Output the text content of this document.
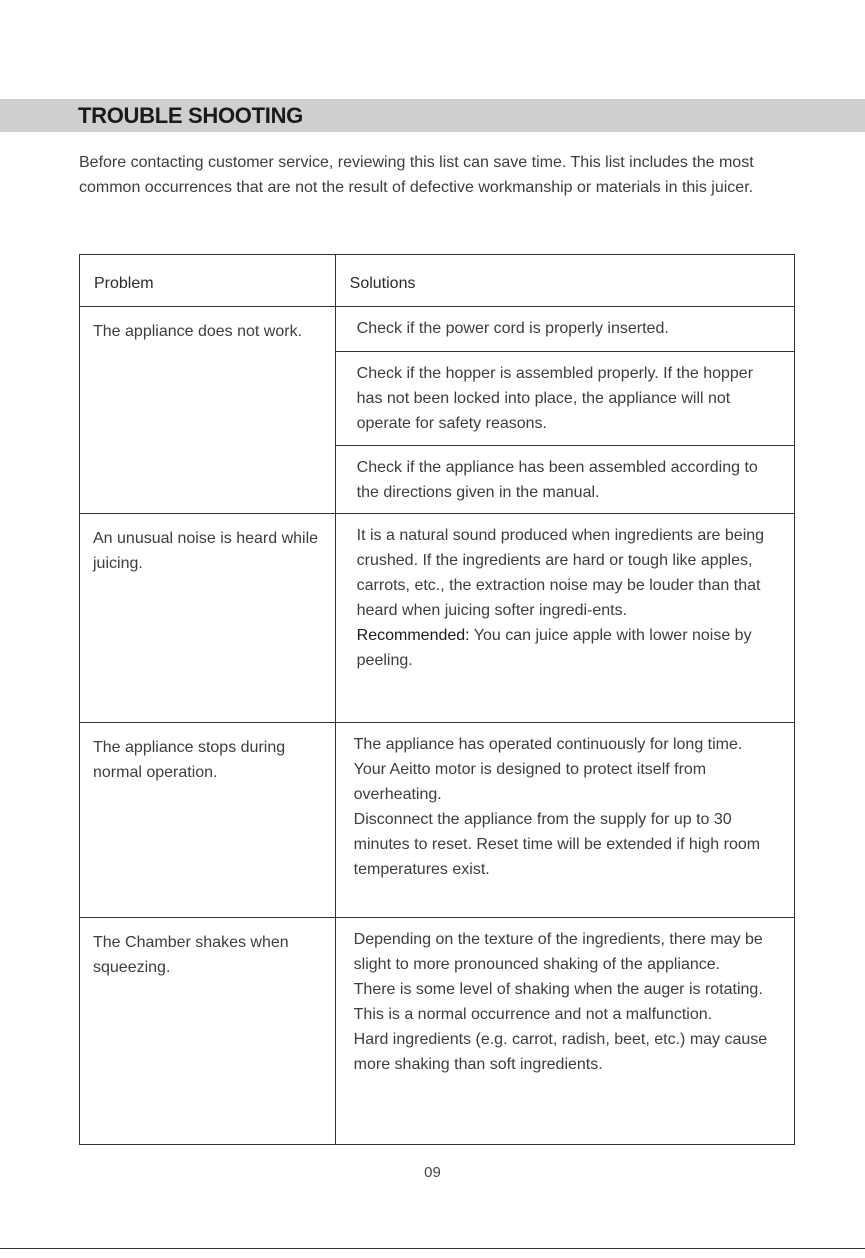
TROUBLE SHOOTING
Before contacting customer service, reviewing this list can save time. This list includes the most common occurrences that are not the result of defective workmanship or materials in this juicer.
Problem	Solutions
The appliance does not work.	Check if the power cord is properly inserted.
	Check if the hopper is assembled properly. If the hopper has not been locked into place, the appliance will not operate for safety reasons.
	Check if the appliance has been assembled according to the directions given in the manual.
An unusual noise is heard while juicing.	It is a natural sound produced when ingredients are being crushed. If the ingredients are hard or tough like apples, carrots, etc., the extraction noise may be louder than that heard when juicing softer ingredi-ents.
Recommended: You can juice apple with lower noise by peeling.
The appliance stops during normal operation.	The appliance has operated continuously for long time.
Your Aeitto motor is designed to protect itself from overheating.
Disconnect the appliance from the supply for up to 30 minutes to reset. Reset time will be extended if high room temperatures exist.

The Chamber shakes when squeezing.	Depending on the texture of the ingredients, there may be slight to more pronounced shaking of the appliance.
There is some level of shaking when the auger is rotating. This is a normal occurrence and not a malfunction.
Hard ingredients (e.g. carrot, radish, beet, etc.) may cause more shaking than soft ingredients.
09
